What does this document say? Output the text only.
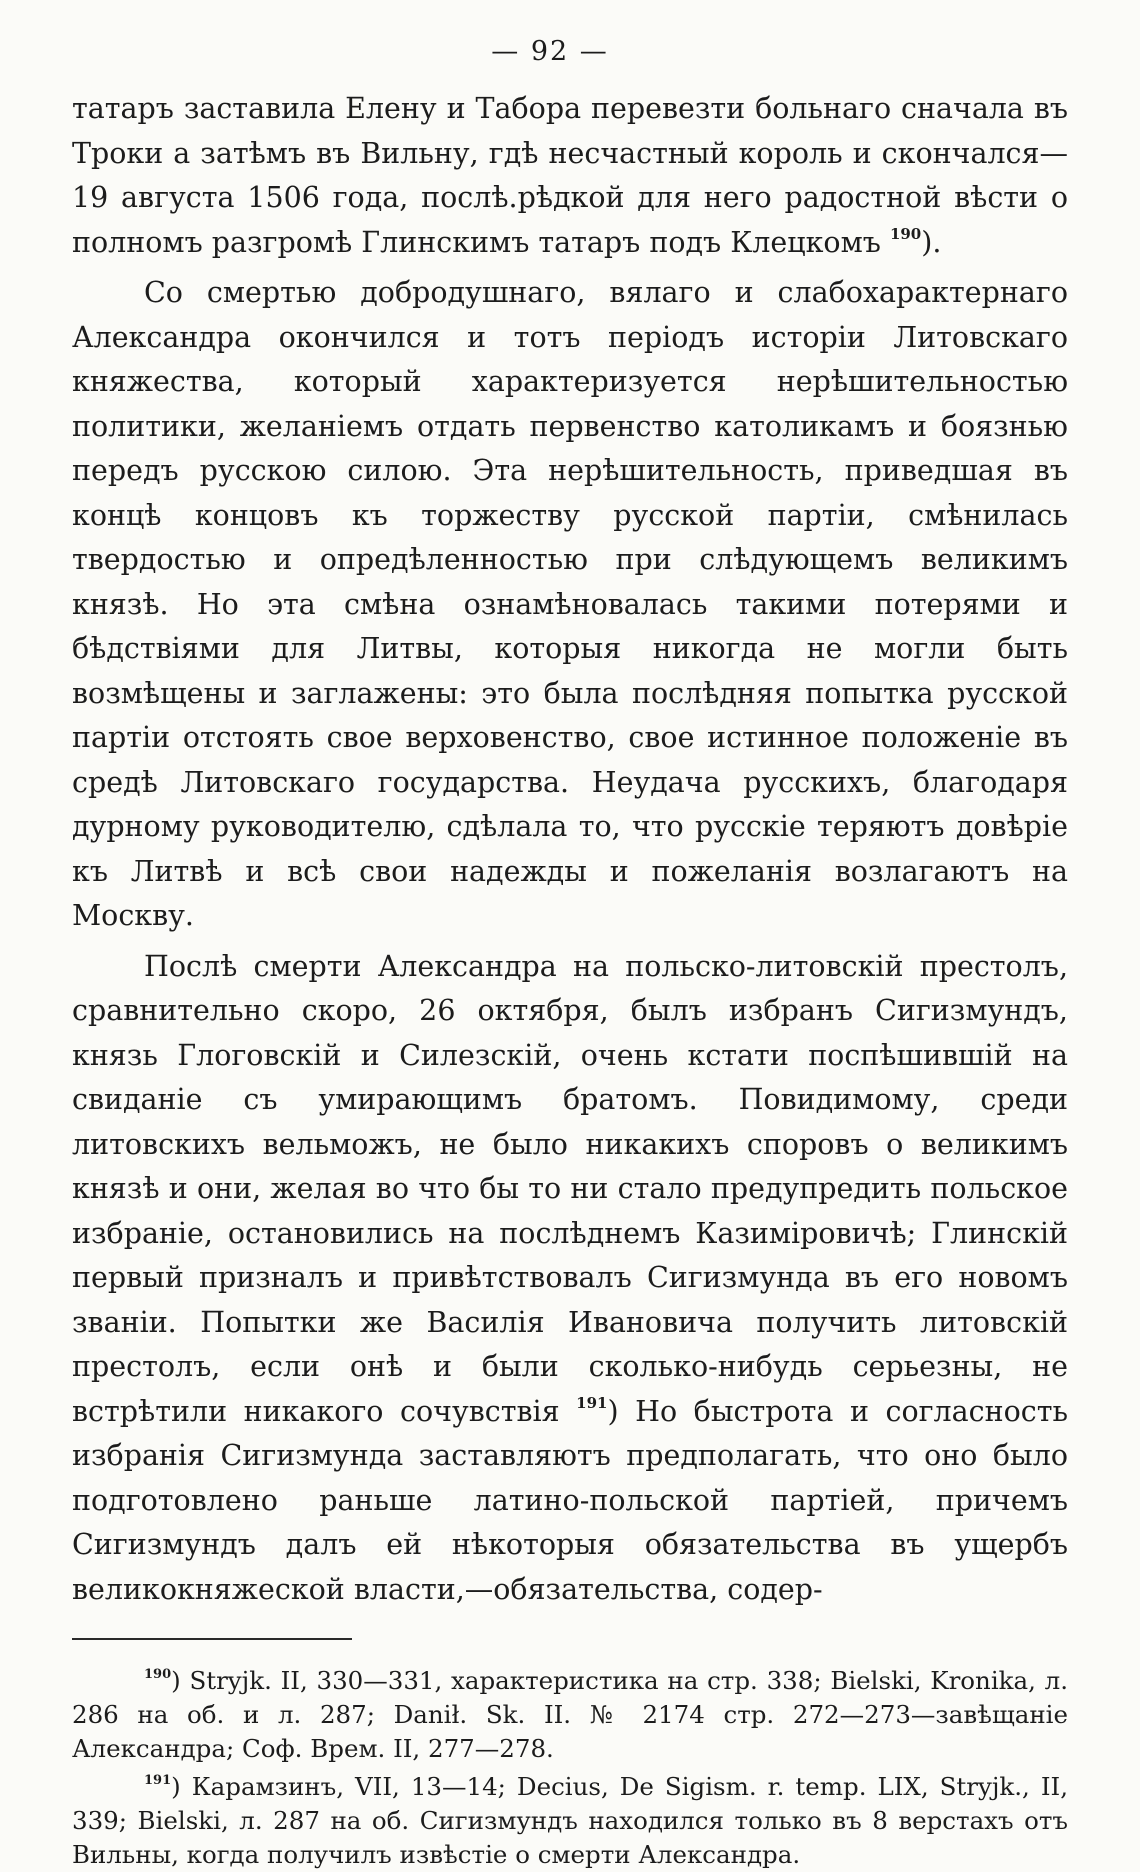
— 92 —

татаръ заставила Елену и Табора перевезти больнаго сначала въ Троки а затѣмъ въ Вильну, гдѣ несчастный король и скончался—19 августа 1506 года, послѣ.рѣдкой для него радостной вѣсти о полномъ разгромѣ Глинскимъ татаръ подъ Клецкомъ $^{190}$).

Со смертью добродушнаго, вялаго и слабохарактернаго Александра окончился и тотъ періодъ исторіи Литовскаго княжества, который характеризуется нерѣшительностью политики, желаніемъ отдать первенство католикамъ и боязнью передъ русскою силою. Эта нерѣшительность, приведшая въ концѣ концовъ къ торжеству русской партіи, смѣнилась твердостью и опредѣленностью при слѣдующемъ великимъ князѣ. Но эта смѣна ознамѣновалась такими потерями и бѣдствіями для Литвы, которыя никогда не могли быть возмѣщены и заглажены: это была послѣдняя попытка русской партіи отстоять свое верховенство, свое истинное положеніе въ средѣ Литовскаго государства. Неудача русскихъ, благодаря дурному руководителю, сдѣлала то, что русскіе теряютъ довѣріе къ Литвѣ и всѣ свои надежды и пожеланія возлагаютъ на Москву.

Послѣ смерти Александра на польско-литовскій престолъ, сравнительно скоро, 26 октября, былъ избранъ Сигизмундъ, князь Глоговскій и Силезскій, очень кстати поспѣшившій на свиданіе съ умирающимъ братомъ. Повидимому, среди литовскихъ вельможъ, не было никакихъ споровъ о великимъ князѣ и они, желая во что бы то ни стало предупредить польское избраніе, остановились на послѣднемъ Казиміровичѣ; Глинскій первый призналъ и привѣтствовалъ Сигизмунда въ его новомъ званіи. Попытки же Василія Ивановича получить литовскій престолъ, если онѣ и были сколько-нибудь серьезны, не встрѣтили никакого сочувствія $^{191}$) Но быстрота и согласность избранія Сигизмунда заставляютъ предполагать, что оно было подготовлено раньше латино-польской партіей, причемъ Сигизмундъ далъ ей нѣкоторыя обязательства въ ущербъ великокняжеской власти,—обязательства, содер-

$^{190}$) Stryjk. II, 330—331, характеристика на стр. 338; Bielski, Kronika, л. 286 на об. и л. 287; Danił. Sk. II. № 2174 стр. 272—273—завѣщаніе Александра; Соф. Врем. II, 277—278.

$^{191}$) Карамзинъ, VII, 13—14; Decius, De Sigism. r. temp. LIX, Stryjk., II, 339; Bielski, л. 287 на об. Сигизмундъ находился только въ 8 верстахъ отъ Вильны, когда получилъ извѣстіе о смерти Александра.
